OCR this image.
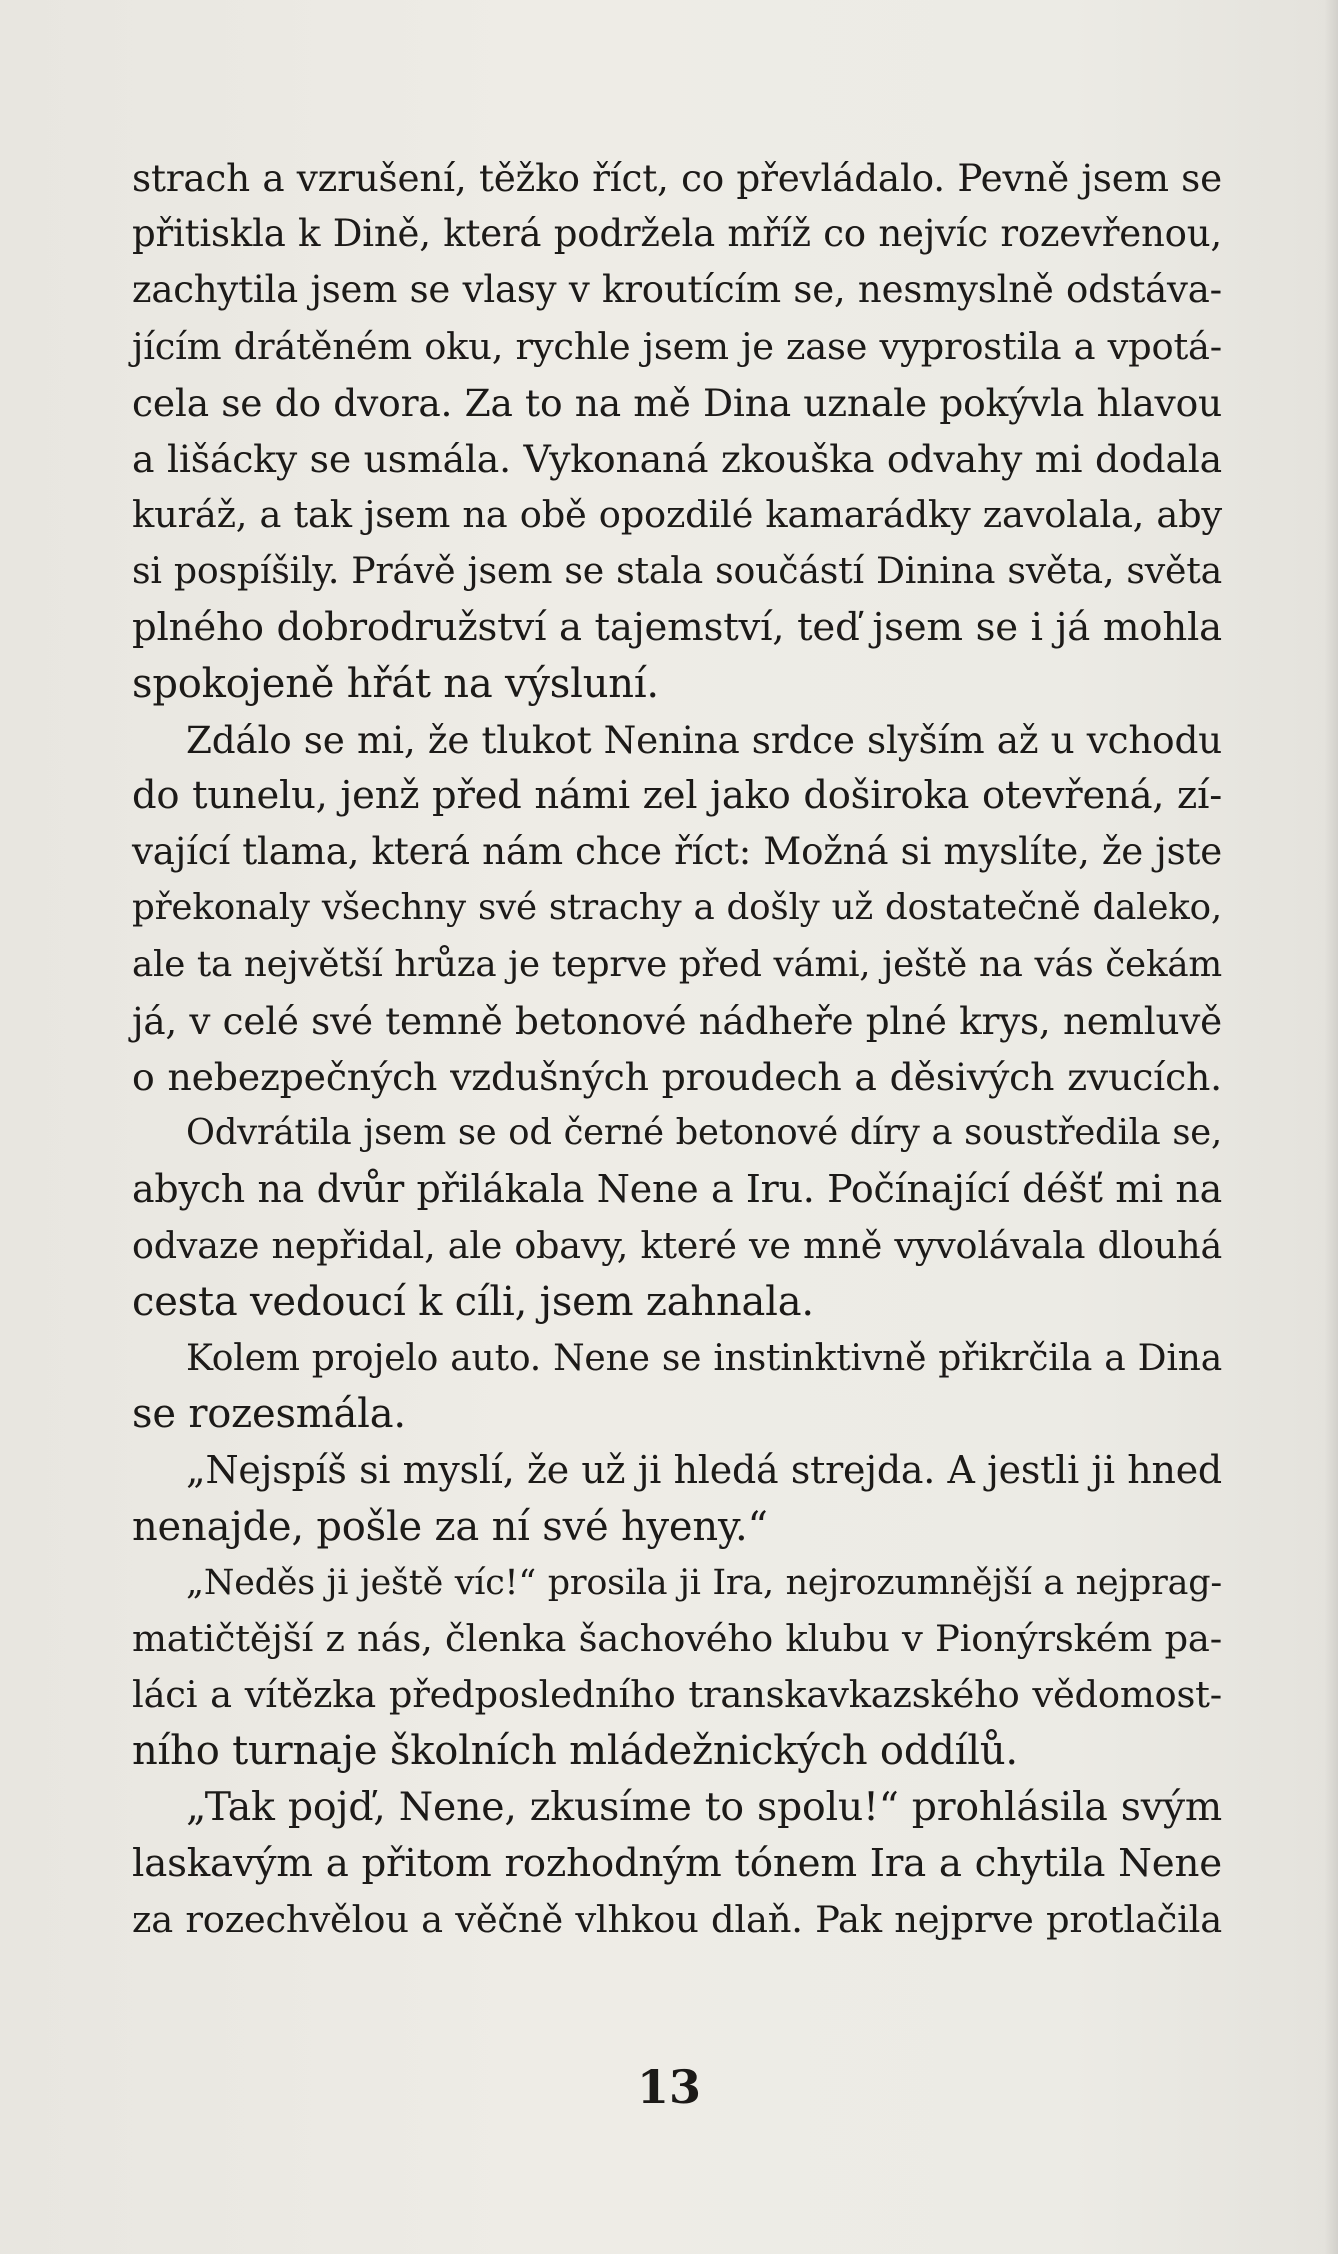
strach a vzrušení, těžko říct, co převládalo. Pevně jsem se
přitiskla k Dině, která podržela mříž co nejvíc rozevřenou,
zachytila jsem se vlasy v kroutícím se, nesmyslně odstáva-
jícím drátěném oku, rychle jsem je zase vyprostila a vpotá-
cela se do dvora. Za to na mě Dina uznale pokývla hlavou
a lišácky se usmála. Vykonaná zkouška odvahy mi dodala
kuráž, a tak jsem na obě opozdilé kamarádky zavolala, aby
si pospíšily. Právě jsem se stala součástí Dinina světa, světa
plného dobrodružství a tajemství, teď jsem se i já mohla
spokojeně hřát na výsluní.
Zdálo se mi, že tlukot Nenina srdce slyším až u vchodu
do tunelu, jenž před námi zel jako doširoka otevřená, zí-
vající tlama, která nám chce říct: Možná si myslíte, že jste
překonaly všechny své strachy a došly už dostatečně daleko,
ale ta největší hrůza je teprve před vámi, ještě na vás čekám
já, v celé své temně betonové nádheře plné krys, nemluvě
o nebezpečných vzdušných proudech a děsivých zvucích.
Odvrátila jsem se od černé betonové díry a soustředila se,
abych na dvůr přilákala Nene a Iru. Počínající déšť mi na
odvaze nepřidal, ale obavy, které ve mně vyvolávala dlouhá
cesta vedoucí k cíli, jsem zahnala.
Kolem projelo auto. Nene se instinktivně přikrčila a Dina
se rozesmála.
„Nejspíš si myslí, že už ji hledá strejda. A jestli ji hned
nenajde, pošle za ní své hyeny.“
„Neděs ji ještě víc!“ prosila ji Ira, nejrozumnější a nejprag-
matičtější z nás, členka šachového klubu v Pionýrském pa-
láci a vítězka předposledního transkavkazského vědomost-
ního turnaje školních mládežnických oddílů.
„Tak pojď, Nene, zkusíme to spolu!“ prohlásila svým
laskavým a přitom rozhodným tónem Ira a chytila Nene
za rozechvělou a věčně vlhkou dlaň. Pak nejprve protlačila
13
